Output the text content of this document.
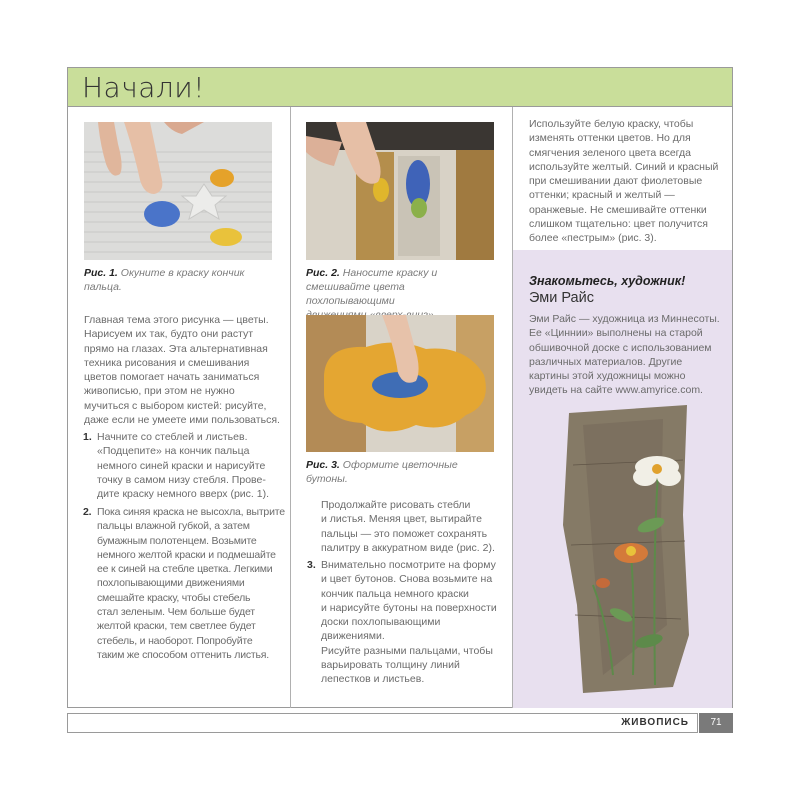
Начали!
Рис. 1. Окуните в краску кончик пальца.
Главная тема этого рисунка — цветы.
Нарисуем их так, будто они растут
прямо на глазах. Эта альтернативная
техника рисования и смешивания
цветов помогает начать заниматься
живописью, при этом не нужно
мучиться с выбором кистей: рисуйте,
даже если не умеете ими пользоваться.
1. Начните со стеблей и листьев.
«Подцепите» на кончик пальца
немного синей краски и нарисуйте
точку в самом низу стебля. Прове-
дите краску немного вверх (рис. 1).
2. Пока синяя краска не высохла, вытрите
пальцы влажной губкой, а затем
бумажным полотенцем. Возьмите
немного желтой краски и подмешайте
ее к синей на стебле цветка. Легкими
похлопывающими движениями
смешайте краску, чтобы стебель
стал зеленым. Чем больше будет
желтой краски, тем светлее будет
стебель, и наоборот. Попробуйте
таким же способом оттенить листья.
Рис. 2. Наносите краску и
смешивайте цвета похлопывающими
Рис. 3. Оформите цветочные бутоны.
Продолжайте рисовать стебли
и листья. Меняя цвет, вытирайте
пальцы — это поможет сохранять
палитру в аккуратном виде (рис. 2).
3. Внимательно посмотрите на форму
и цвет бутонов. Снова возьмите на
кончик пальца немного краски
и нарисуйте бутоны на поверхности
доски похлопывающими движениями.
Рисуйте разными пальцами, чтобы
варьировать толщину линий
лепестков и листьев.
Используйте белую краску, чтобы
изменять оттенки цветов. Но для
смягчения зеленого цвета всегда
используйте желтый. Синий и красный
при смешивании дают фиолетовые
оттенки; красный и желтый —
оранжевые. Не смешивайте оттенки
слишком тщательно: цвет получится
более «пестрым» (рис. 3).
Знакомьтесь, художник!
Эми Райс
Эми Райс — художница из Миннесоты.
Ее «Циннии» выполнены на старой
обшивочной доске с использованием
различных материалов. Другие
картины этой художницы можно
увидеть на сайте www.amyrice.com.
ЖИВОПИСЬ	71
